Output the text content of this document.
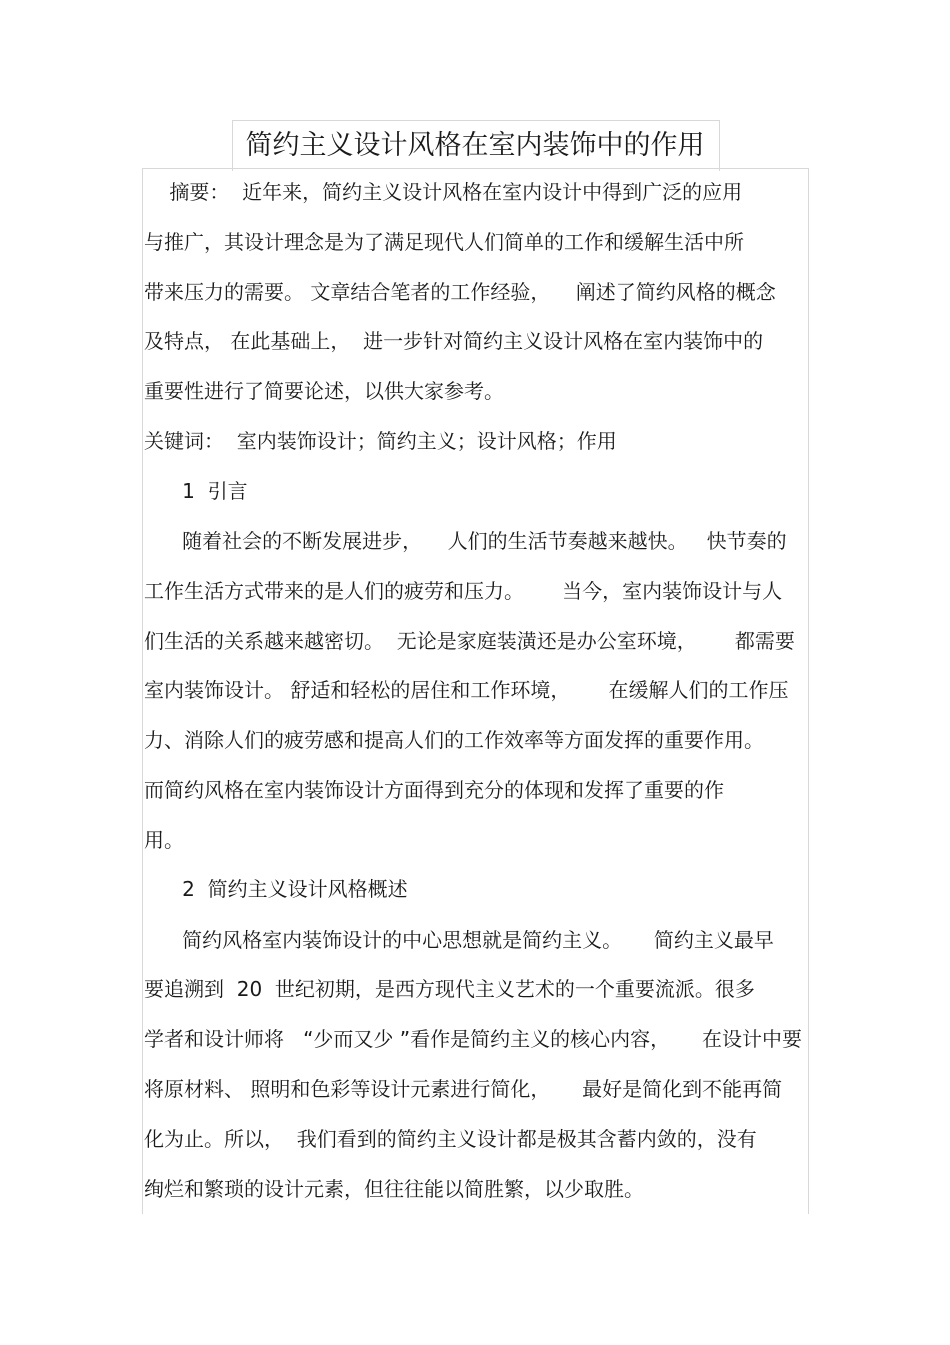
简约主义设计风格在室内装饰中的作用
摘要：  近年来，简约主义设计风格在室内设计中得到广泛的应用
与推广，其设计理念是为了满足现代人们简单的工作和缓解生活中所
带来压力的需要。 文章结合笔者的工作经验，    阐述了简约风格的概念
及特点， 在此基础上，  进一步针对简约主义设计风格在室内装饰中的
重要性进行了简要论述，以供大家参考。
关键词：  室内装饰设计；简约主义；设计风格；作用
1  引言
随着社会的不断发展进步，    人们的生活节奏越来越快。   快节奏的
工作生活方式带来的是人们的疲劳和压力。      当今，室内装饰设计与人
们生活的关系越来越密切。  无论是家庭装潢还是办公室环境，      都需要
室内装饰设计。 舒适和轻松的居住和工作环境，      在缓解人们的工作压
力、消除人们的疲劳感和提高人们的工作效率等方面发挥的重要作用。
而简约风格在室内装饰设计方面得到充分的体现和发挥了重要的作
用。
2  简约主义设计风格概述
简约风格室内装饰设计的中心思想就是简约主义。     简约主义最早
要追溯到  20  世纪初期，是西方现代主义艺术的一个重要流派。很多
学者和设计师将   “少而又少 ”看作是简约主义的核心内容，     在设计中要
将原材料、 照明和色彩等设计元素进行简化，     最好是简化到不能再简
化为止。所以，  我们看到的简约主义设计都是极其含蓄内敛的，没有
绚烂和繁琐的设计元素，但往往能以简胜繁，以少取胜。
